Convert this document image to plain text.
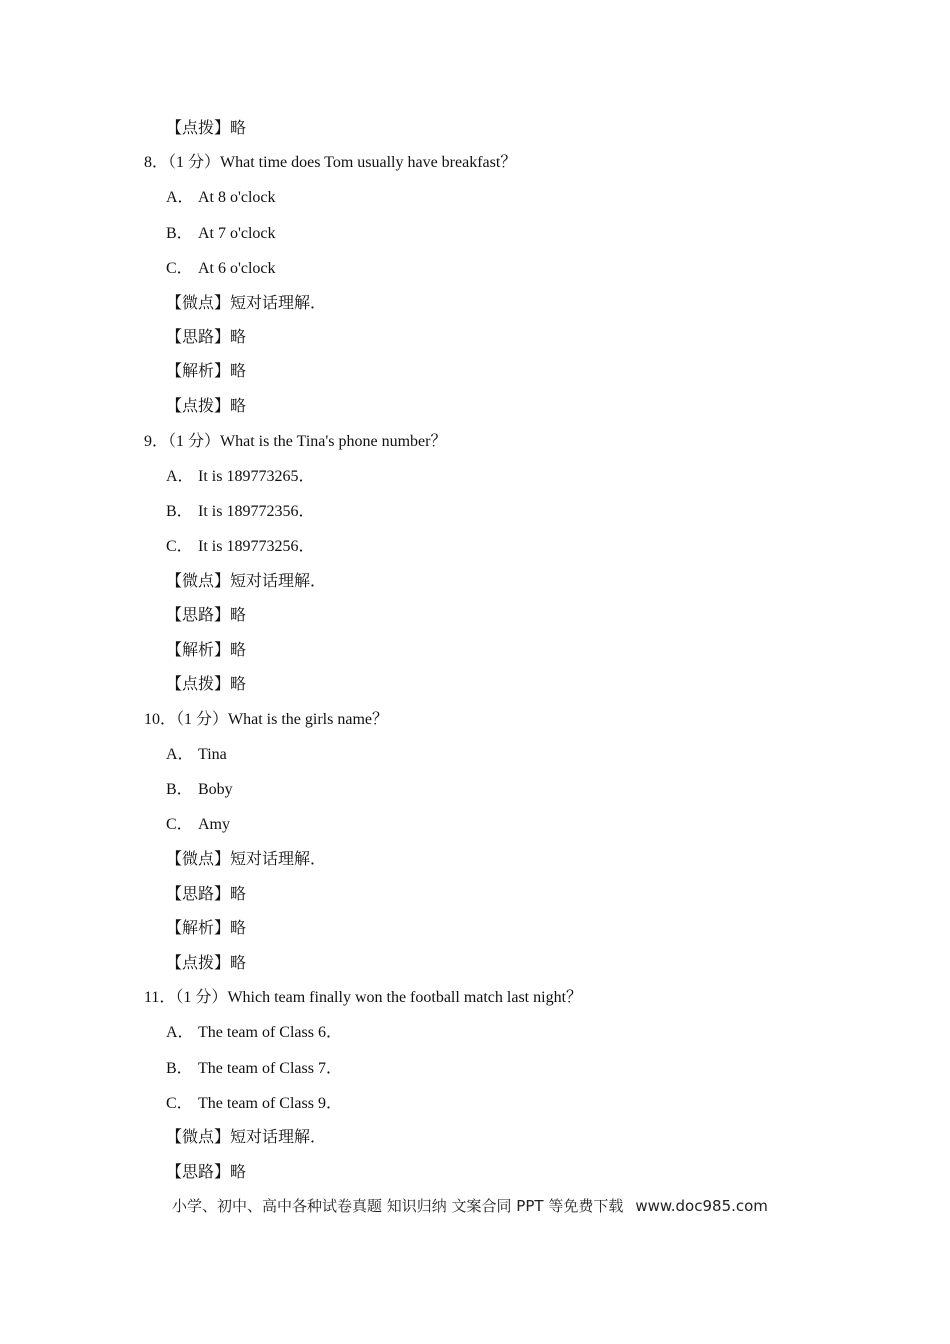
【点拨】略
8．（1 分）What time does Tom usually have breakfast？
A． At 8 o'clock
B． At 7 o'clock
C． At 6 o'clock
【微点】短对话理解．
【思路】略
【解析】略
【点拨】略
9．（1 分）What is the Tina's phone number？
A． It is 189773265．
B． It is 189772356．
C． It is 189773256．
【微点】短对话理解．
【思路】略
【解析】略
【点拨】略
10．（1 分）What is the girls name？
A． Tina
B． Boby
C． Amy
【微点】短对话理解．
【思路】略
【解析】略
【点拨】略
11．（1 分）Which team finally won the football match last night？
A． The team of Class 6．
B． The team of Class 7．
C． The team of Class 9．
【微点】短对话理解．
【思路】略
小学、初中、高中各种试卷真题 知识归纳 文案合同 PPT 等免费下载 www.doc985.com
